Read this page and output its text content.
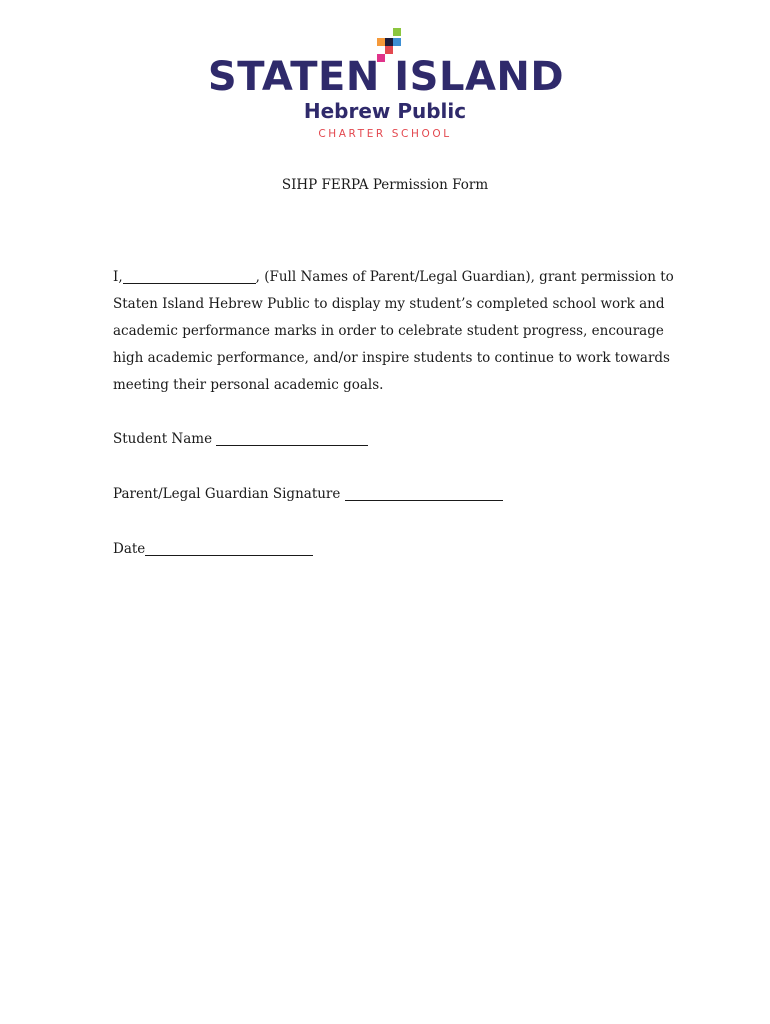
STATEN ISLAND
Hebrew Public
CHARTER SCHOOL
SIHP FERPA Permission Form
I,	, (Full Names of Parent/Legal Guardian), grant permission to
Staten Island Hebrew Public to display my student’s completed school work and
academic performance marks in order to celebrate student progress, encourage
high academic performance, and/or inspire students to continue to work towards
meeting their personal academic goals.
Student Name
Parent/Legal Guardian Signature
Date
